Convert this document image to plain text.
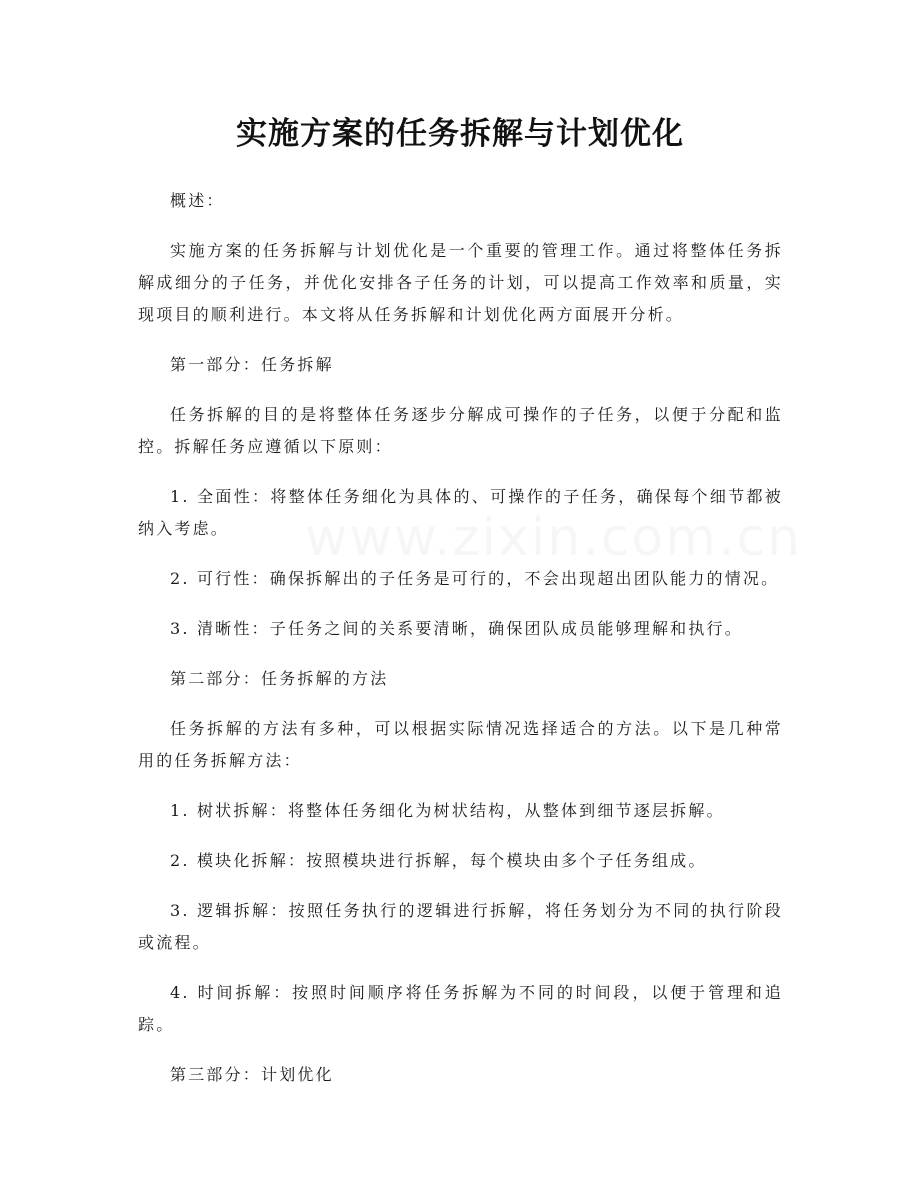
实施方案的任务拆解与计划优化

概述：

实施方案的任务拆解与计划优化是一个重要的管理工作。通过将整体任务拆解成细分的子任务，并优化安排各子任务的计划，可以提高工作效率和质量，实现项目的顺利进行。本文将从任务拆解和计划优化两方面展开分析。

第一部分：任务拆解

任务拆解的目的是将整体任务逐步分解成可操作的子任务，以便于分配和监控。拆解任务应遵循以下原则：

1. 全面性：将整体任务细化为具体的、可操作的子任务，确保每个细节都被纳入考虑。

2. 可行性：确保拆解出的子任务是可行的，不会出现超出团队能力的情况。

3. 清晰性：子任务之间的关系要清晰，确保团队成员能够理解和执行。

第二部分：任务拆解的方法

任务拆解的方法有多种，可以根据实际情况选择适合的方法。以下是几种常用的任务拆解方法：

1. 树状拆解：将整体任务细化为树状结构，从整体到细节逐层拆解。

2. 模块化拆解：按照模块进行拆解，每个模块由多个子任务组成。

3. 逻辑拆解：按照任务执行的逻辑进行拆解，将任务划分为不同的执行阶段或流程。

4. 时间拆解：按照时间顺序将任务拆解为不同的时间段，以便于管理和追踪。

第三部分：计划优化
